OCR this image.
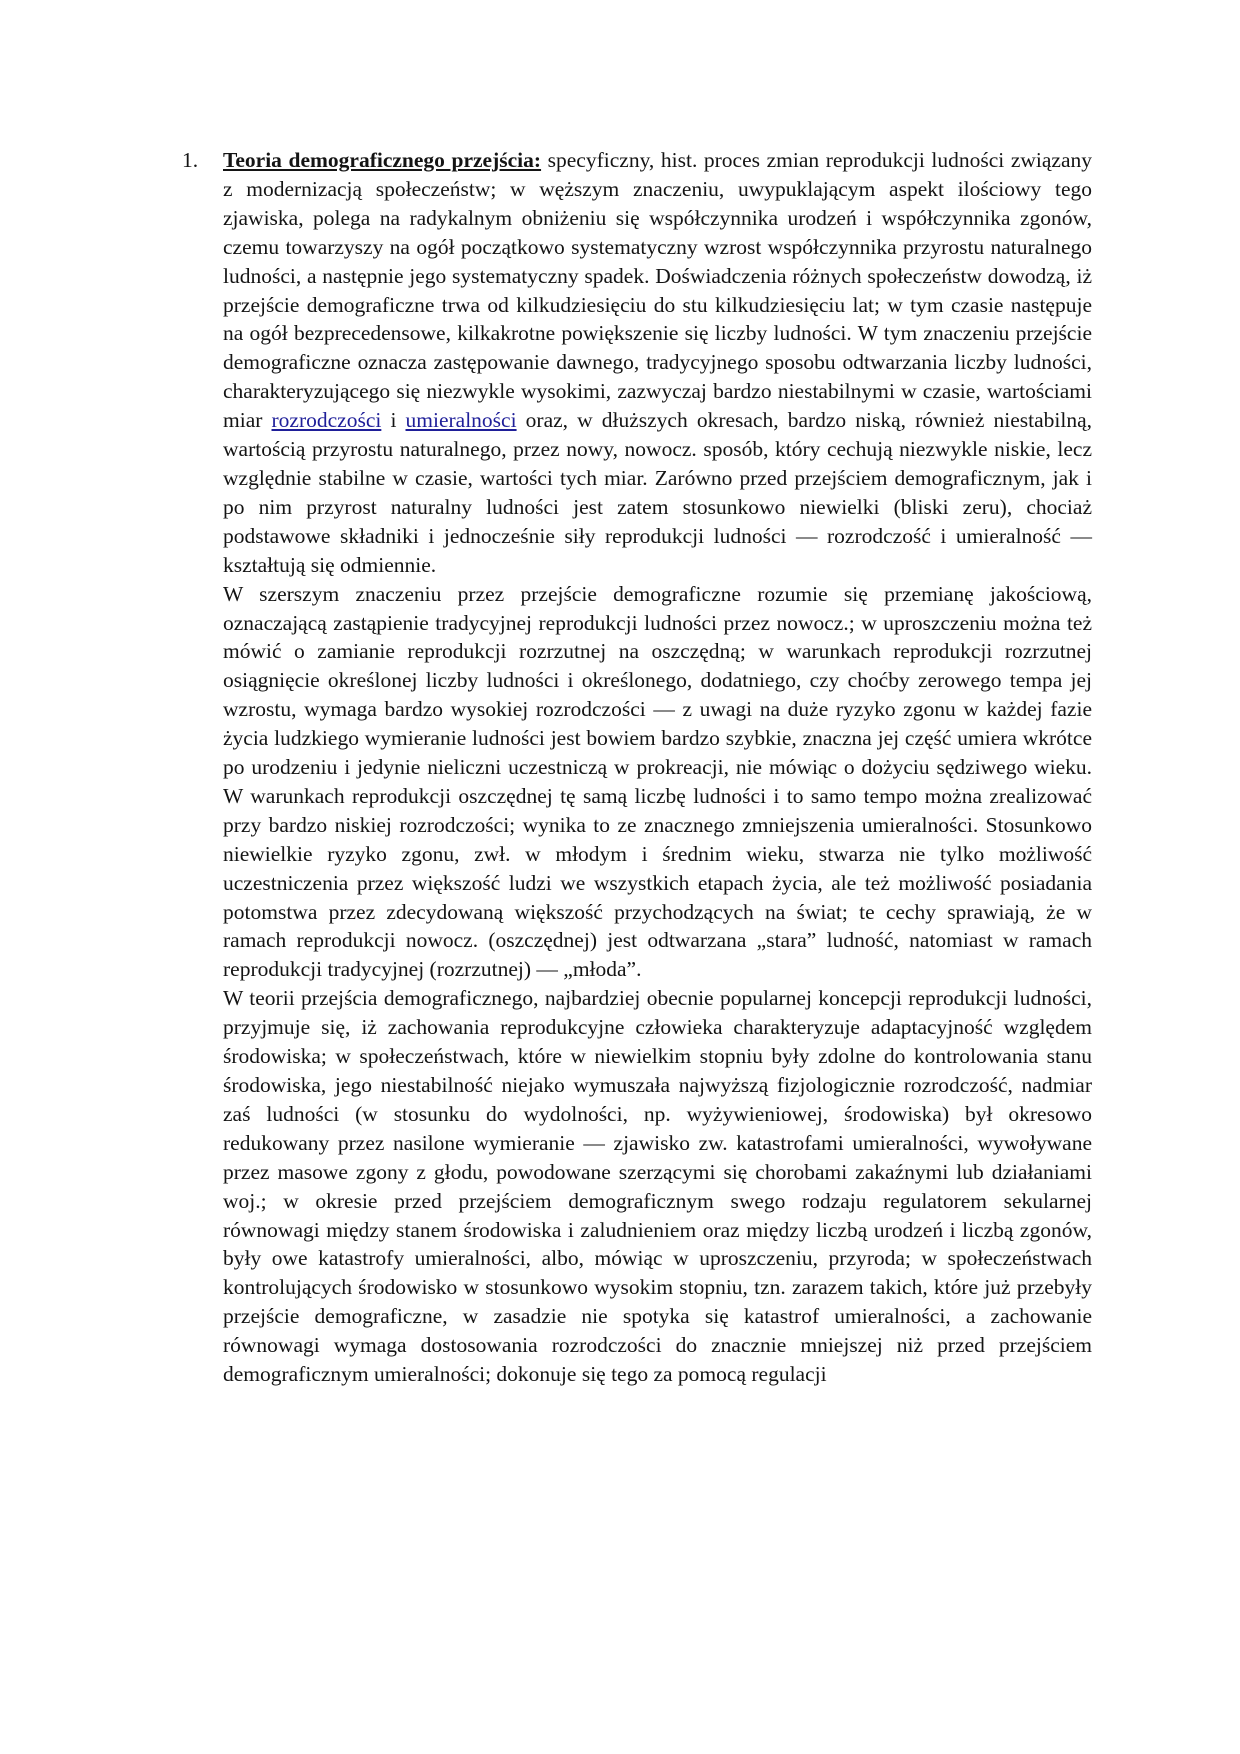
1. Teoria demograficznego przejścia: specyficzny, hist. proces zmian reprodukcji ludności związany z modernizacją społeczeństw; w węższym znaczeniu, uwypuklającym aspekt ilościowy tego zjawiska, polega na radykalnym obniżeniu się współczynnika urodzeń i współczynnika zgonów, czemu towarzyszy na ogół początkowo systematyczny wzrost współczynnika przyrostu naturalnego ludności, a następnie jego systematyczny spadek. Doświadczenia różnych społeczeństw dowodzą, iż przejście demograficzne trwa od kilkudziesięciu do stu kilkudziesięciu lat; w tym czasie następuje na ogół bezprecedensowe, kilkakrotne powiększenie się liczby ludności. W tym znaczeniu przejście demograficzne oznacza zastępowanie dawnego, tradycyjnego sposobu odtwarzania liczby ludności, charakteryzującego się niezwykle wysokimi, zazwyczaj bardzo niestabilnymi w czasie, wartościami miar rozrodczości i umieralności oraz, w dłuższych okresach, bardzo niską, również niestabilną, wartością przyrostu naturalnego, przez nowy, nowocz. sposób, który cechują niezwykle niskie, lecz względnie stabilne w czasie, wartości tych miar. Zarówno przed przejściem demograficznym, jak i po nim przyrost naturalny ludności jest zatem stosunkowo niewielki (bliski zeru), chociaż podstawowe składniki i jednocześnie siły reprodukcji ludności — rozrodczość i umieralność — kształtują się odmiennie.

W szerszym znaczeniu przez przejście demograficzne rozumie się przemianę jakościową, oznaczającą zastąpienie tradycyjnej reprodukcji ludności przez nowocz.; w uproszczeniu można też mówić o zamianie reprodukcji rozrzutnej na oszczędną; w warunkach reprodukcji rozrzutnej osiągnięcie określonej liczby ludności i określonego, dodatniego, czy choćby zerowego tempa jej wzrostu, wymaga bardzo wysokiej rozrodczości — z uwagi na duże ryzyko zgonu w każdej fazie życia ludzkiego wymieranie ludności jest bowiem bardzo szybkie, znaczna jej część umiera wkrótce po urodzeniu i jedynie nieliczni uczestniczą w prokreacji, nie mówiąc o dożyciu sędziwego wieku. W warunkach reprodukcji oszczędnej tę samą liczbę ludności i to samo tempo można zrealizować przy bardzo niskiej rozrodczości; wynika to ze znacznego zmniejszenia umieralności. Stosunkowo niewielkie ryzyko zgonu, zwł. w młodym i średnim wieku, stwarza nie tylko możliwość uczestniczenia przez większość ludzi we wszystkich etapach życia, ale też możliwość posiadania potomstwa przez zdecydowaną większość przychodzących na świat; te cechy sprawiają, że w ramach reprodukcji nowocz. (oszczędnej) jest odtwarzana „stara” ludność, natomiast w ramach reprodukcji tradycyjnej (rozrzutnej) — „młoda”.

W teorii przejścia demograficznego, najbardziej obecnie popularnej koncepcji reprodukcji ludności, przyjmuje się, iż zachowania reprodukcyjne człowieka charakteryzuje adaptacyjność względem środowiska; w społeczeństwach, które w niewielkim stopniu były zdolne do kontrolowania stanu środowiska, jego niestabilność niejako wymuszała najwyższą fizjologicznie rozrodczość, nadmiar zaś ludności (w stosunku do wydolności, np. wyżywieniowej, środowiska) był okresowo redukowany przez nasilone wymieranie — zjawisko zw. katastrofami umieralności, wywoływane przez masowe zgony z głodu, powodowane szerzącymi się chorobami zakaźnymi lub działaniami woj.; w okresie przed przejściem demograficznym swego rodzaju regulatorem sekularnej równowagi między stanem środowiska i zaludnieniem oraz między liczbą urodzeń i liczbą zgonów, były owe katastrofy umieralności, albo, mówiąc w uproszczeniu, przyroda; w społeczeństwach kontrolujących środowisko w stosunkowo wysokim stopniu, tzn. zarazem takich, które już przebyły przejście demograficzne, w zasadzie nie spotyka się katastrof umieralności, a zachowanie równowagi wymaga dostosowania rozrodczości do znacznie mniejszej niż przed przejściem demograficznym umieralności; dokonuje się tego za pomocą regulacji
